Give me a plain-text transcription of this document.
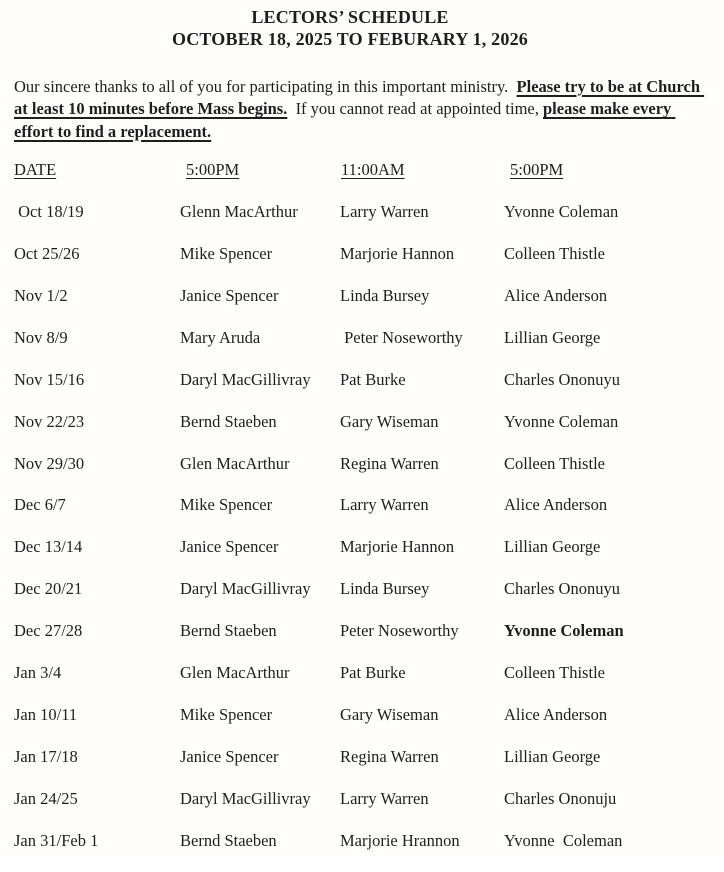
LECTORS’ SCHEDULE
OCTOBER 18, 2025 TO FEBURARY 1, 2026

Our sincere thanks to all of you for participating in this important ministry.  Please try to be at Church at least 10 minutes before Mass begins.  If you cannot read at appointed time, please make every effort to find a replacement.

DATE	5:00PM	11:00AM	5:00PM
Oct 18/19	Glenn MacArthur	Larry Warren	Yvonne Coleman
Oct 25/26	Mike Spencer	Marjorie Hannon	Colleen Thistle
Nov 1/2	Janice Spencer	Linda Bursey	Alice Anderson
Nov 8/9	Mary Aruda	Peter Noseworthy	Lillian George
Nov 15/16	Daryl MacGillivray	Pat Burke	Charles Ononuyu
Nov 22/23	Bernd Staeben	Gary Wiseman	Yvonne Coleman
Nov 29/30	Glen MacArthur	Regina Warren	Colleen Thistle
Dec 6/7	Mike Spencer	Larry Warren	Alice Anderson
Dec 13/14	Janice Spencer	Marjorie Hannon	Lillian George
Dec 20/21	Daryl MacGillivray	Linda Bursey	Charles Ononuyu
Dec 27/28	Bernd Staeben	Peter Noseworthy	Yvonne Coleman
Jan 3/4	Glen MacArthur	Pat Burke	Colleen Thistle
Jan 10/11	Mike Spencer	Gary Wiseman	Alice Anderson
Jan 17/18	Janice Spencer	Regina Warren	Lillian George
Jan 24/25	Daryl MacGillivray	Larry Warren	Charles Ononuju
Jan 31/Feb 1	Bernd Staeben	Marjorie Hrannon	Yvonne  Coleman
